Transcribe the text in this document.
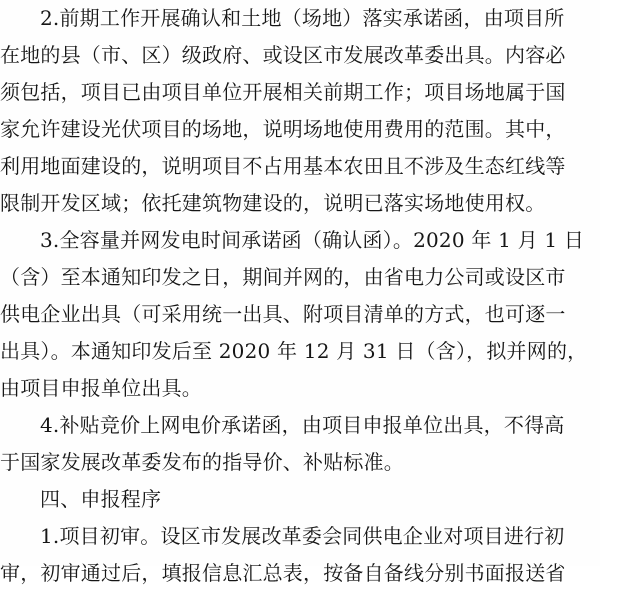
2.前期工作开展确认和土地（场地）落实承诺函，由项目所
在地的县（市、区）级政府、或设区市发展改革委出具。内容必
须包括，项目已由项目单位开展相关前期工作；项目场地属于国
家允许建设光伏项目的场地，说明场地使用费用的范围。其中，
利用地面建设的，说明项目不占用基本农田且不涉及生态红线等
限制开发区域；依托建筑物建设的，说明已落实场地使用权。
3.全容量并网发电时间承诺函（确认函）。2020 年 1 月 1 日
（含）至本通知印发之日，期间并网的，由省电力公司或设区市
供电企业出具（可采用统一出具、附项目清单的方式，也可逐一
出具）。本通知印发后至 2020 年 12 月 31 日（含），拟并网的，
由项目申报单位出具。
4.补贴竞价上网电价承诺函，由项目申报单位出具，不得高
于国家发展改革委发布的指导价、补贴标准。
四、申报程序
1.项目初审。设区市发展改革委会同供电企业对项目进行初
审，初审通过后，填报信息汇总表，按备自备线分别书面报送省
